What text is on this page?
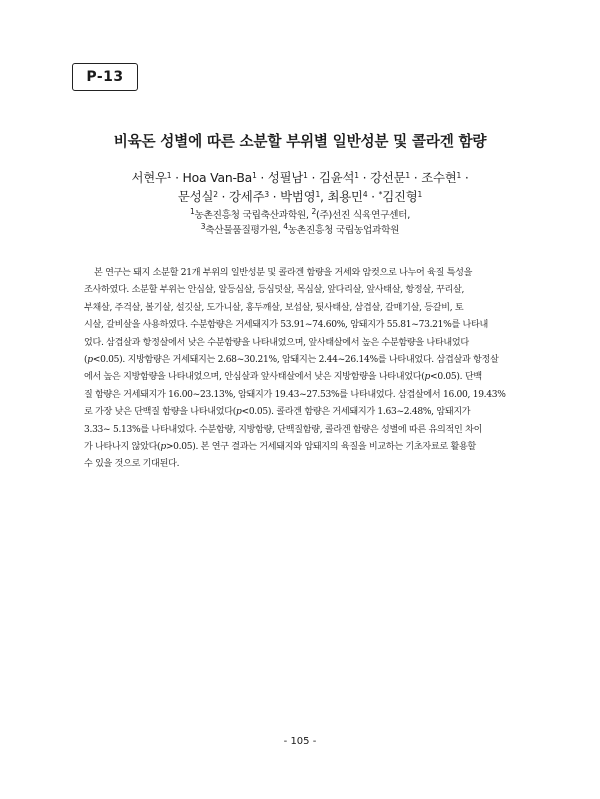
P-13
비육돈 성별에 따른 소분할 부위별 일반성분 및 콜라겐 함량
서현우$^1$ · Hoa Van-$Ba^1$ · 성필남$^1$ · 김윤석$^1$ · 강선문$^1$ · 조수현$^1$ ·
문성실$^2$ · 강세주$^3$ · 박범영$^1$, 최용민$^4$ · *김진형$^1$
$^1$농촌진흥청 국립축산과학원, $^2$(주)선진 식육연구센터,
$^3$축산물품질평가원, $^4$농촌진흥청 국립농업과학원
본 연구는 돼지 소분할 21개 부위의 일반성분 및 콜라겐 함량을 거세와 암컷으로 나누어 육질 특성을
조사하였다. 소분할 부위는 안심살, 알등심살, 등심덧살, 목심살, 앞다리살, 앞사태살, 항정살, 꾸리살,
부채살, 주걱살, 볼기살, 설깃살, 도가니살, 홍두깨살, 보섭살, 뒷사태살, 삼겹살, 갈매기살, 등갈비, 토
시살, 갈비살을 사용하였다. 수분함량은 거세돼지가 53.91~74.60%, 암돼지가 55.81~73.21%를 나타내
었다. 삼겹살과 항정살에서 낮은 수분함량을 나타내었으며, 앞사태살에서 높은 수분함량을 나타내었다
(p<0.05). 지방함량은 거세돼지는 2.68~30.21%, 암돼지는 2.44~26.14%를 나타내었다. 삼겹살과 항정살
에서 높은 지방함량을 나타내었으며, 안심살과 앞사태살에서 낮은 지방함량을 나타내었다(p<0.05). 단백
질 함량은 거세돼지가 16.00~23.13%, 암돼지가 19.43~27.53%를 나타내었다. 삼겹살에서 16.00, 19.43%
로 가장 낮은 단백질 함량을 나타내었다(p<0.05). 콜라겐 함량은 거세돼지가 1.63~2.48%, 암돼지가
3.33~ 5.13%를 나타내었다. 수분함량, 지방함량, 단백질함량, 콜라겐 함량은 성별에 따른 유의적인 차이
가 나타나지 않았다(p>0.05). 본 연구 결과는 거세돼지와 암돼지의 육질을 비교하는 기초자료로 활용할
수 있을 것으로 기대된다.
- 105 -
